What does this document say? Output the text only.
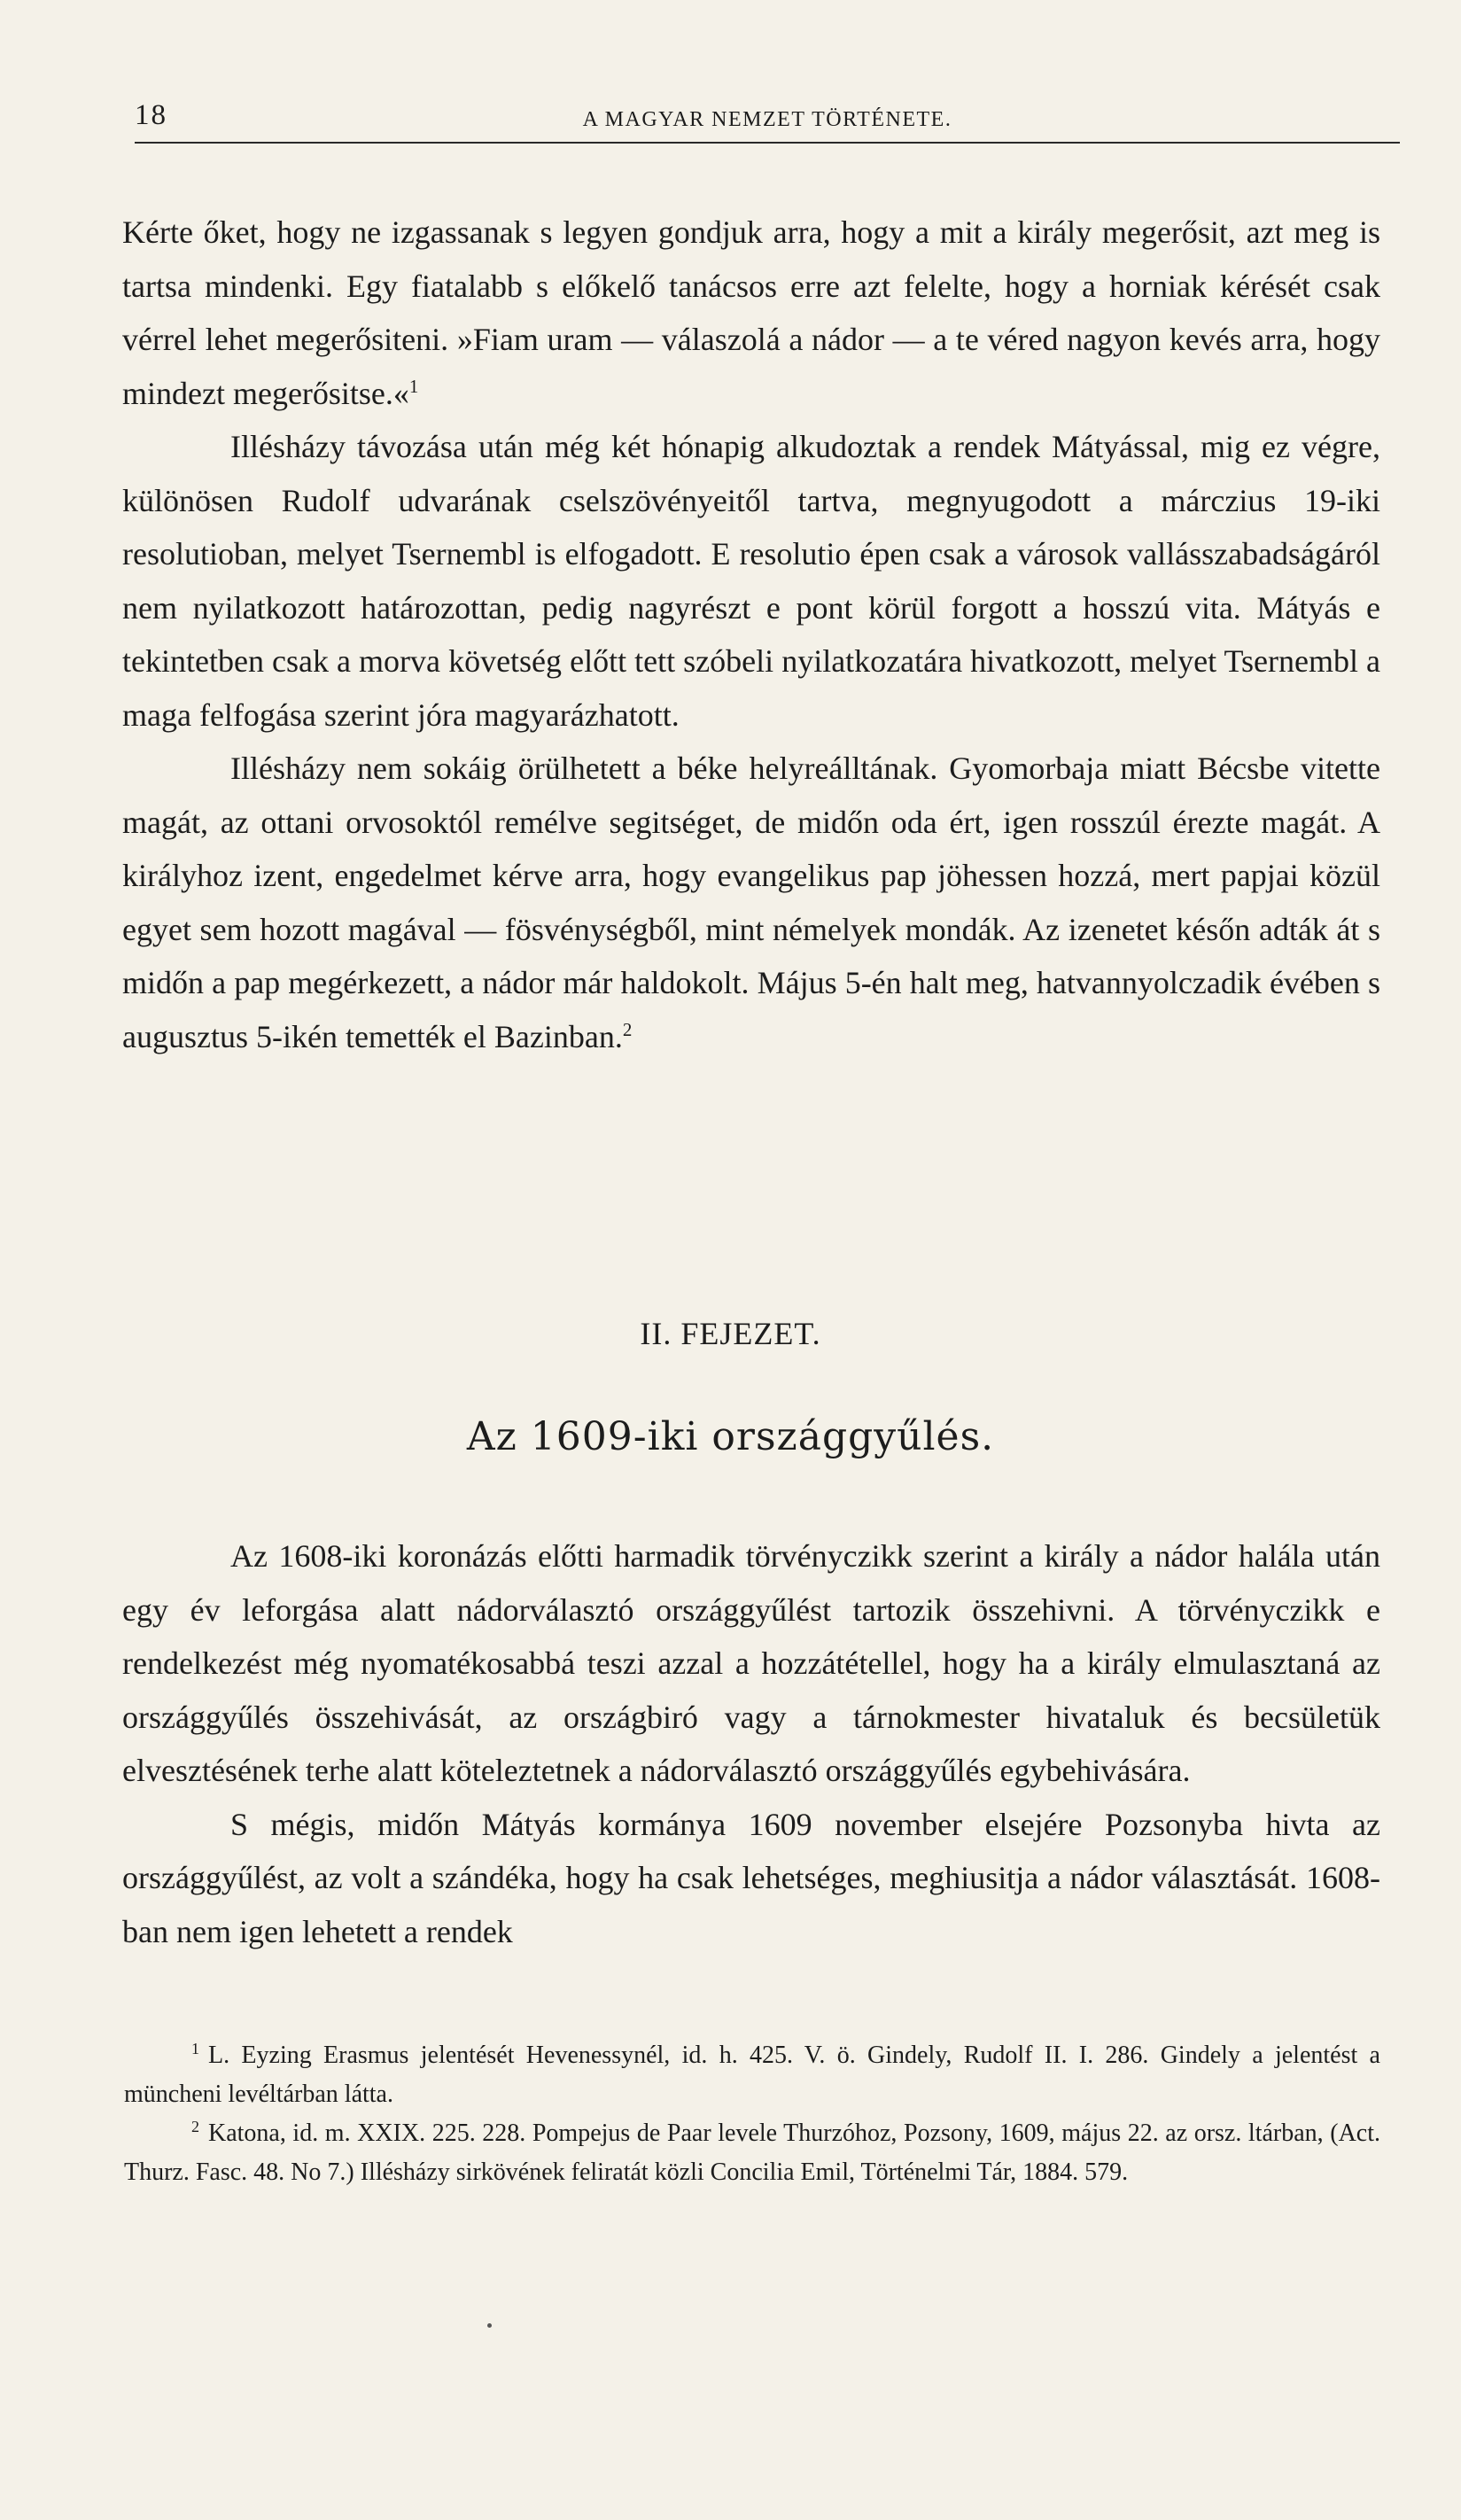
18	A MAGYAR NEMZET TÖRTÉNETE.

Kérte őket, hogy ne izgassanak s legyen gondjuk arra, hogy a mit a király megerősit, azt meg is tartsa mindenki. Egy fiatalabb s előkelő tanácsos erre azt felelte, hogy a horniak kérését csak vérrel lehet megerősiteni. »Fiam uram — válaszolá a nádor — a te véred nagyon kevés arra, hogy mindezt megerősitse.«$^1$

Illésházy távozása után még két hónapig alkudoztak a rendek Mátyással, mig ez végre, különösen Rudolf udvarának cselszövényeitől tartva, megnyugodott a márczius 19-iki resolutioban, melyet Tsernembl is elfogadott. E resolutio épen csak a városok vallásszabadságáról nem nyilatkozott határozottan, pedig nagyrészt e pont körül forgott a hosszú vita. Mátyás e tekintetben csak a morva követség előtt tett szóbeli nyilatkozatára hivatkozott, melyet Tsernembl a maga felfogása szerint jóra magyarázhatott.

Illésházy nem sokáig örülhetett a béke helyreálltának. Gyomorbaja miatt Bécsbe vitette magát, az ottani orvosoktól remélve segitséget, de midőn oda ért, igen rosszúl érezte magát. A királyhoz izent, engedelmet kérve arra, hogy evangelikus pap jöhessen hozzá, mert papjai közül egyet sem hozott magával — fösvénységből, mint némelyek mondák. Az izenetet későn adták át s midőn a pap megérkezett, a nádor már haldokolt. Május 5-én halt meg, hatvannyolczadik évében s augusztus 5-ikén temették el Bazinban.$^2$

II. FEJEZET.
Az 1609-iki országgyűlés.

Az 1608-iki koronázás előtti harmadik törvényczikk szerint a király a nádor halála után egy év leforgása alatt nádorválasztó országgyűlést tartozik összehivni. A törvényczikk e rendelkezést még nyomatékosabbá teszi azzal a hozzátétellel, hogy ha a király elmulasztaná az országgyűlés összehivását, az országbiró vagy a tárnokmester hivataluk és becsületük elvesztésének terhe alatt köteleztetnek a nádorválasztó országgyűlés egybehivására.

S mégis, midőn Mátyás kormánya 1609 november elsejére Pozsonyba hivta az országgyűlést, az volt a szándéka, hogy ha csak lehetséges, meghiusitja a nádor választását. 1608-ban nem igen lehetett a rendek

$^1$ L. Eyzing Erasmus jelentését Hevenessynél, id. h. 425. V. ö. Gindely, Rudolf II. I. 286. Gindely a jelentést a müncheni levéltárban látta.

$^2$ Katona, id. m. XXIX. 225. 228. Pompejus de Paar levele Thurzóhoz, Pozsony, 1609, május 22. az orsz. ltárban, (Act. Thurz. Fasc. 48. No 7.) Illésházy sirkövének feliratát közli Concilia Emil, Történelmi Tár, 1884. 579.
